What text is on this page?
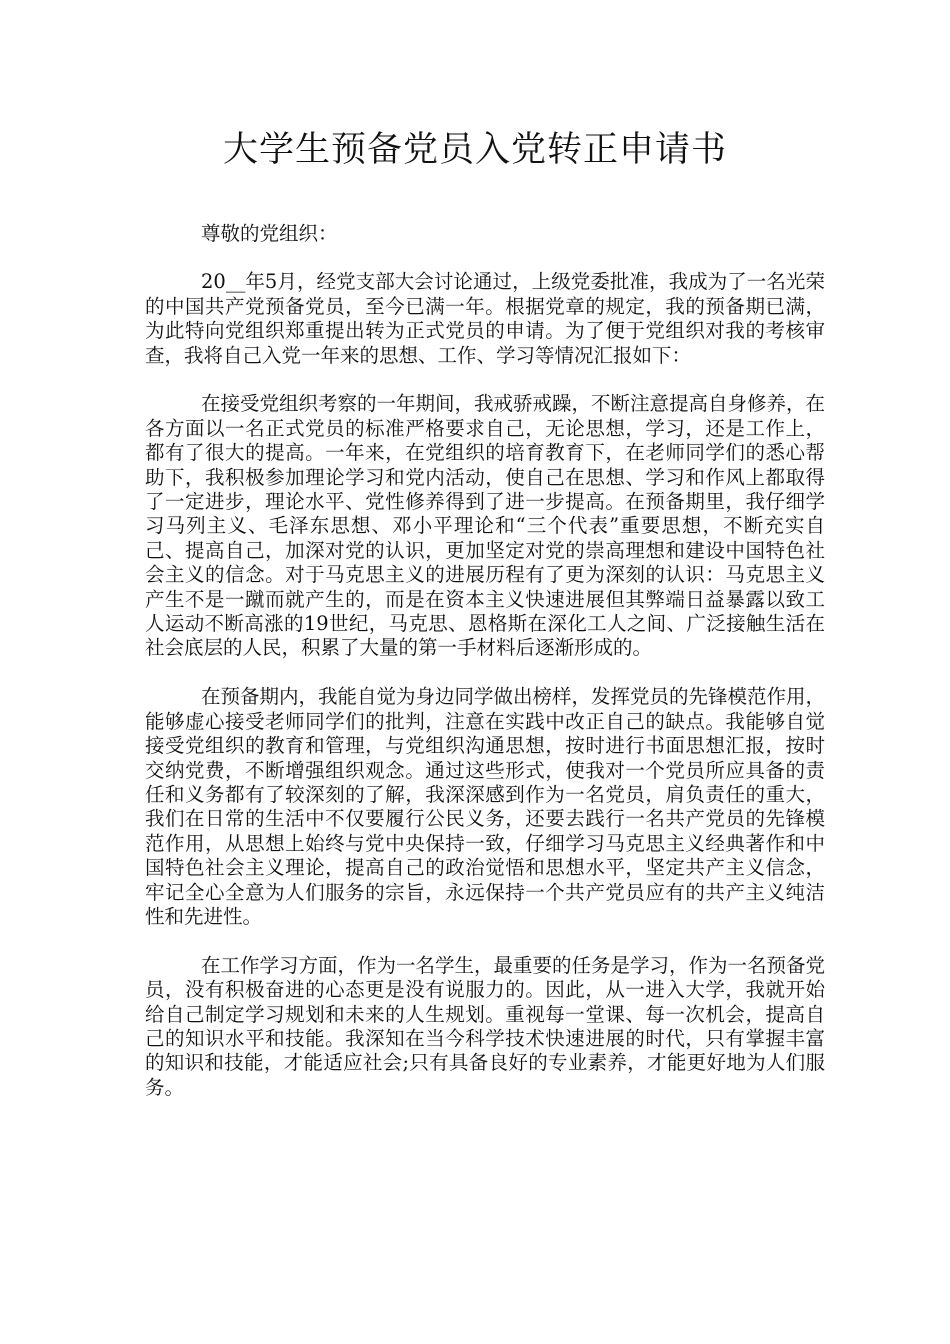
大学生预备党员入党转正申请书

尊敬的党组织：

20__年5月，经党支部大会讨论通过，上级党委批准，我成为了一名光荣的中国共产党预备党员，至今已满一年。根据党章的规定，我的预备期已满，为此特向党组织郑重提出转为正式党员的申请。为了便于党组织对我的考核审查，我将自己入党一年来的思想、工作、学习等情况汇报如下：

在接受党组织考察的一年期间，我戒骄戒躁，不断注意提高自身修养，在各方面以一名正式党员的标准严格要求自己，无论思想，学习，还是工作上，都有了很大的提高。一年来，在党组织的培育教育下，在老师同学们的悉心帮助下，我积极参加理论学习和党内活动，使自己在思想、学习和作风上都取得了一定进步，理论水平、党性修养得到了进一步提高。在预备期里，我仔细学习马列主义、毛泽东思想、邓小平理论和“三个代表”重要思想，不断充实自己、提高自己，加深对党的认识，更加坚定对党的崇高理想和建设中国特色社会主义的信念。对于马克思主义的进展历程有了更为深刻的认识：马克思主义产生不是一蹴而就产生的，而是在资本主义快速进展但其弊端日益暴露以致工人运动不断高涨的19世纪，马克思、恩格斯在深化工人之间、广泛接触生活在社会底层的人民，积累了大量的第一手材料后逐渐形成的。

在预备期内，我能自觉为身边同学做出榜样，发挥党员的先锋模范作用，能够虚心接受老师同学们的批判，注意在实践中改正自己的缺点。我能够自觉接受党组织的教育和管理，与党组织沟通思想，按时进行书面思想汇报，按时交纳党费，不断增强组织观念。通过这些形式，使我对一个党员所应具备的责任和义务都有了较深刻的了解，我深深感到作为一名党员，肩负责任的重大，我们在日常的生活中不仅要履行公民义务，还要去践行一名共产党员的先锋模范作用，从思想上始终与党中央保持一致，仔细学习马克思主义经典著作和中国特色社会主义理论，提高自己的政治觉悟和思想水平，坚定共产主义信念，牢记全心全意为人们服务的宗旨，永远保持一个共产党员应有的共产主义纯洁性和先进性。

在工作学习方面，作为一名学生，最重要的任务是学习，作为一名预备党员，没有积极奋进的心态更是没有说服力的。因此，从一进入大学，我就开始给自己制定学习规划和未来的人生规划。重视每一堂课、每一次机会，提高自己的知识水平和技能。我深知在当今科学技术快速进展的时代，只有掌握丰富的知识和技能，才能适应社会;只有具备良好的专业素养，才能更好地为人们服务。
